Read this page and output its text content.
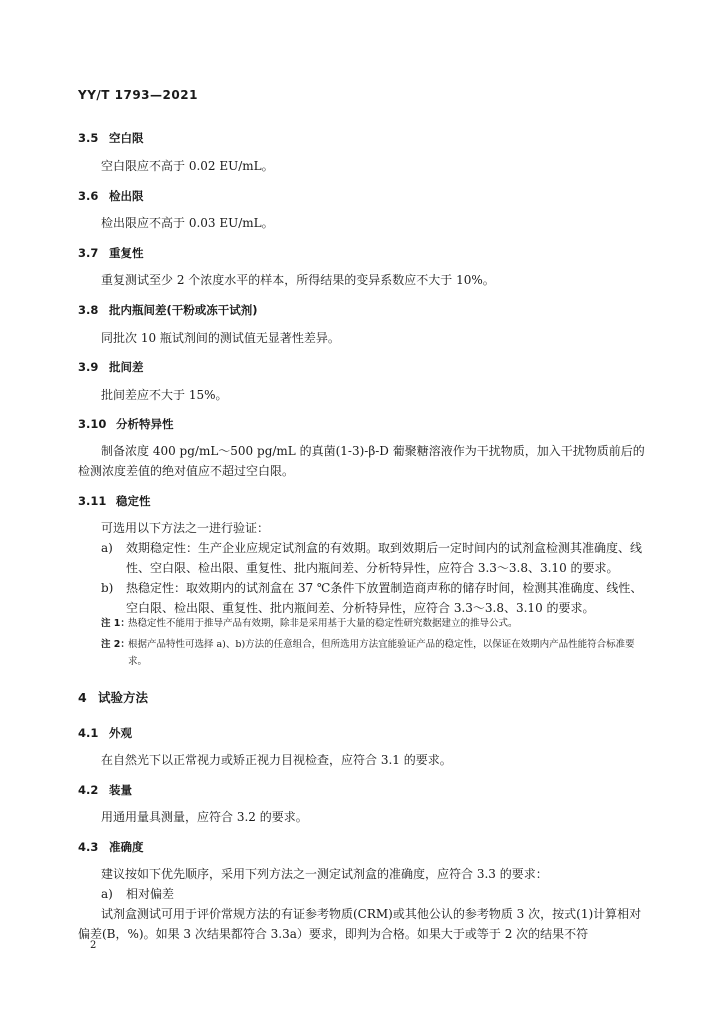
YY/T 1793—2021
3.5 空白限
空白限应不高于 0.02 EU/mL。
3.6 检出限
检出限应不高于 0.03 EU/mL。
3.7 重复性
重复测试至少 2 个浓度水平的样本，所得结果的变异系数应不大于 10%。
3.8 批内瓶间差(干粉或冻干试剂)
同批次 10 瓶试剂间的测试值无显著性差异。
3.9 批间差
批间差应不大于 15%。
3.10 分析特异性
制备浓度 400 pg/mL～500 pg/mL 的真菌(1-3)-β-D 葡聚糖溶液作为干扰物质，加入干扰物质前后的检测浓度差值的绝对值应不超过空白限。
3.11 稳定性
可选用以下方法之一进行验证：
a) 效期稳定性：生产企业应规定试剂盒的有效期。取到效期后一定时间内的试剂盒检测其准确度、线性、空白限、检出限、重复性、批内瓶间差、分析特异性，应符合 3.3～3.8、3.10 的要求。
b) 热稳定性：取效期内的试剂盒在 37 ℃条件下放置制造商声称的储存时间，检测其准确度、线性、空白限、检出限、重复性、批内瓶间差、分析特异性，应符合 3.3～3.8、3.10 的要求。
注 1：
热稳定性不能用于推导产品有效期，除非是采用基于大量的稳定性研究数据建立的推导公式。
注 2：
根据产品特性可选择 a)、b)方法的任意组合，但所选用方法宜能验证产品的稳定性，以保证在效期内产品性能符合标准要求。
4 试验方法
4.1 外观
在自然光下以正常视力或矫正视力目视检查，应符合 3.1 的要求。
4.2 装量
用通用量具测量，应符合 3.2 的要求。
4.3 准确度
建议按如下优先顺序，采用下列方法之一测定试剂盒的准确度，应符合 3.3 的要求：
a) 相对偏差
试剂盒测试可用于评价常规方法的有证参考物质(CRM)或其他公认的参考物质 3 次，按式(1)计算相对偏差(B，%)。如果 3 次结果都符合 3.3a）要求，即判为合格。如果大于或等于 2 次的结果不符
2
